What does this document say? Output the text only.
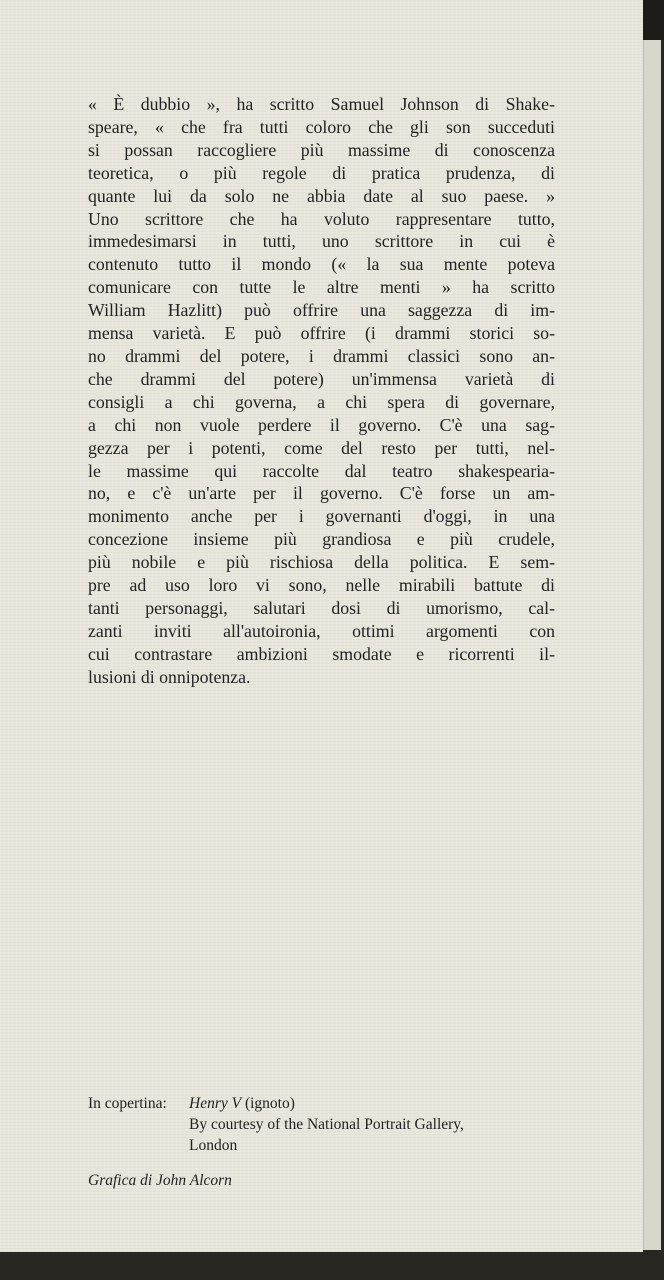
« È dubbio », ha scritto Samuel Johnson di Shake-
speare, « che fra tutti coloro che gli son succeduti
si possan raccogliere più massime di conoscenza
teoretica, o più regole di pratica prudenza, di
quante lui da solo ne abbia date al suo paese. »
Uno scrittore che ha voluto rappresentare tutto,
immedesimarsi in tutti, uno scrittore in cui è
contenuto tutto il mondo (« la sua mente poteva
comunicare con tutte le altre menti » ha scritto
William Hazlitt) può offrire una saggezza di im-
mensa varietà. E può offrire (i drammi storici so-
no drammi del potere, i drammi classici sono an-
che drammi del potere) un'immensa varietà di
consigli a chi governa, a chi spera di governare,
a chi non vuole perdere il governo. C'è una sag-
gezza per i potenti, come del resto per tutti, nel-
le massime qui raccolte dal teatro shakespearia-
no, e c'è un'arte per il governo. C'è forse un am-
monimento anche per i governanti d'oggi, in una
concezione insieme più grandiosa e più crudele,
più nobile e più rischiosa della politica. E sem-
pre ad uso loro vi sono, nelle mirabili battute di
tanti personaggi, salutari dosi di umorismo, cal-
zanti inviti all'autoironia, ottimi argomenti con
cui contrastare ambizioni smodate e ricorrenti il-
lusioni di onnipotenza.
In copertina: Henry V (ignoto)
By courtesy of the National Portrait Gallery,
London
Grafica di John Alcorn
